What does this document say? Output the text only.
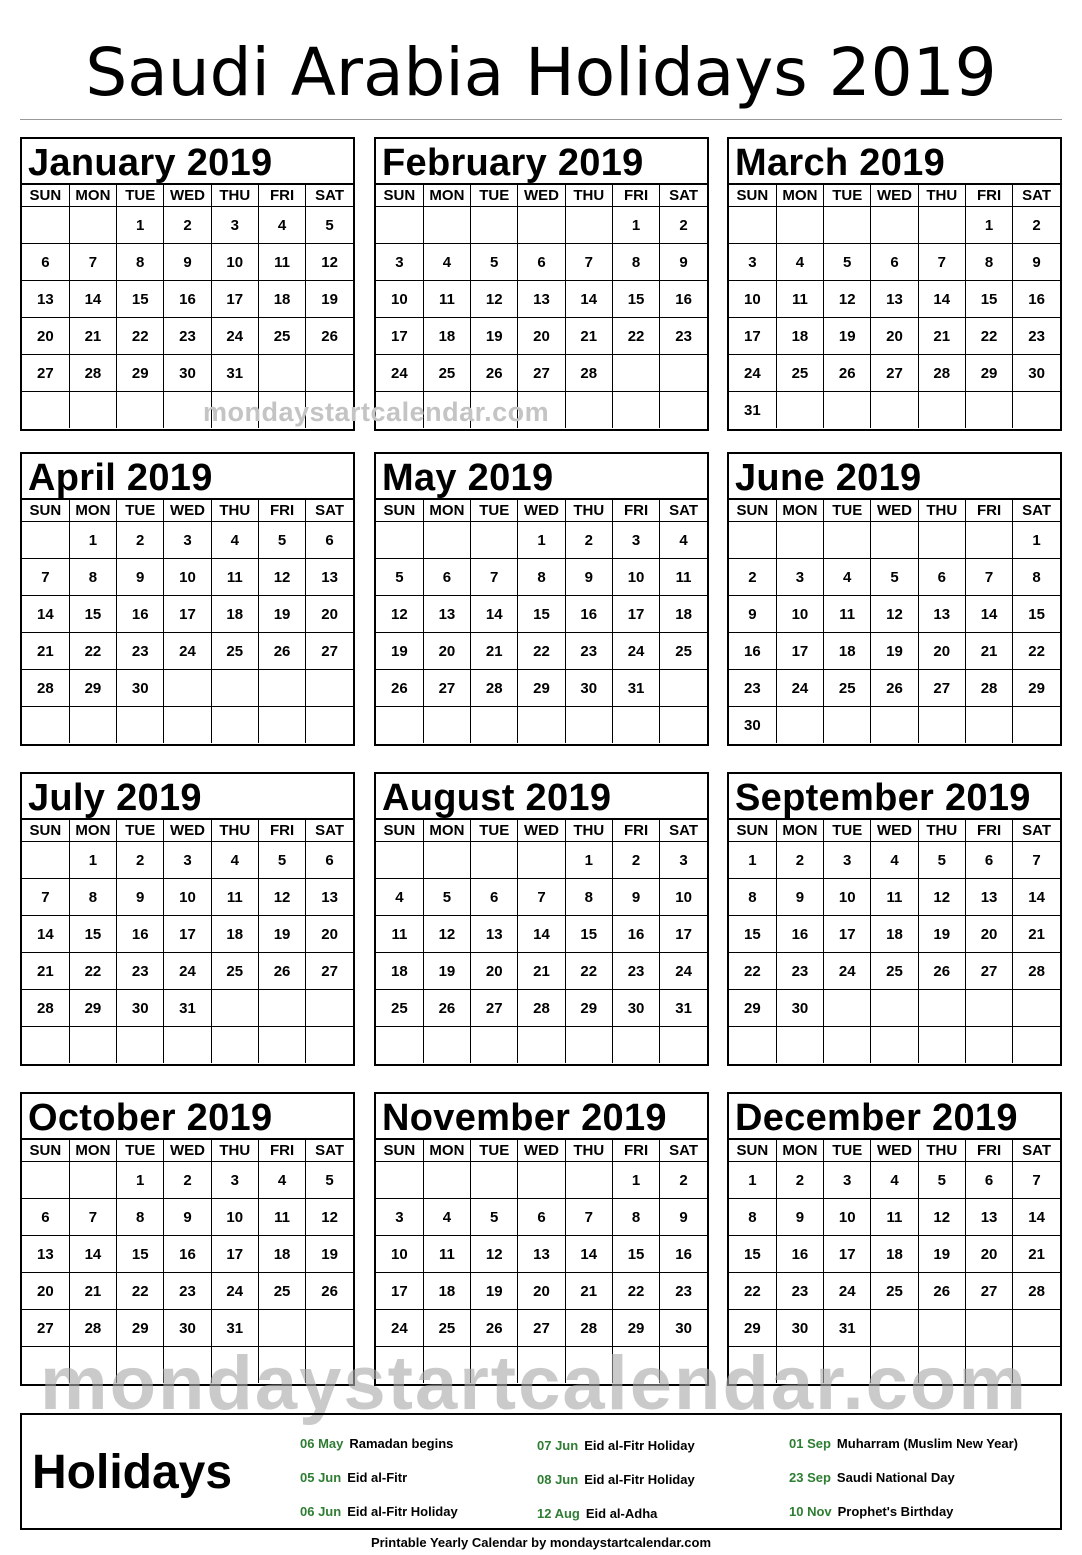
Saudi Arabia Holidays 2019
January 2019
SUN	MON	TUE	WED	THU	FRI	SAT
		1	2	3	4	5
6	7	8	9	10	11	12
13	14	15	16	17	18	19
20	21	22	23	24	25	26
27	28	29	30	31		

February 2019
SUN	MON	TUE	WED	THU	FRI	SAT
					1	2
3	4	5	6	7	8	9
10	11	12	13	14	15	16
17	18	19	20	21	22	23
24	25	26	27	28		

March 2019
SUN	MON	TUE	WED	THU	FRI	SAT
					1	2
3	4	5	6	7	8	9
10	11	12	13	14	15	16
17	18	19	20	21	22	23
24	25	26	27	28	29	30
31						
April 2019
SUN	MON	TUE	WED	THU	FRI	SAT
	1	2	3	4	5	6
7	8	9	10	11	12	13
14	15	16	17	18	19	20
21	22	23	24	25	26	27
28	29	30				

May 2019
SUN	MON	TUE	WED	THU	FRI	SAT
			1	2	3	4
5	6	7	8	9	10	11
12	13	14	15	16	17	18
19	20	21	22	23	24	25
26	27	28	29	30	31	

June 2019
SUN	MON	TUE	WED	THU	FRI	SAT
						1
2	3	4	5	6	7	8
9	10	11	12	13	14	15
16	17	18	19	20	21	22
23	24	25	26	27	28	29
30						
July 2019
SUN	MON	TUE	WED	THU	FRI	SAT
	1	2	3	4	5	6
7	8	9	10	11	12	13
14	15	16	17	18	19	20
21	22	23	24	25	26	27
28	29	30	31			

August 2019
SUN	MON	TUE	WED	THU	FRI	SAT
				1	2	3
4	5	6	7	8	9	10
11	12	13	14	15	16	17
18	19	20	21	22	23	24
25	26	27	28	29	30	31

September 2019
SUN	MON	TUE	WED	THU	FRI	SAT
1	2	3	4	5	6	7
8	9	10	11	12	13	14
15	16	17	18	19	20	21
22	23	24	25	26	27	28
29	30					

October 2019
SUN	MON	TUE	WED	THU	FRI	SAT
		1	2	3	4	5
6	7	8	9	10	11	12
13	14	15	16	17	18	19
20	21	22	23	24	25	26
27	28	29	30	31		

November 2019
SUN	MON	TUE	WED	THU	FRI	SAT
					1	2
3	4	5	6	7	8	9
10	11	12	13	14	15	16
17	18	19	20	21	22	23
24	25	26	27	28	29	30

December 2019
SUN	MON	TUE	WED	THU	FRI	SAT
1	2	3	4	5	6	7
8	9	10	11	12	13	14
15	16	17	18	19	20	21
22	23	24	25	26	27	28
29	30	31				

mondaystartcalendar.com
mondaystartcalendar.com
Holidays
06 May Ramadan begins
05 Jun Eid al-Fitr
06 Jun Eid al-Fitr Holiday
07 Jun Eid al-Fitr Holiday
08 Jun Eid al-Fitr Holiday
12 Aug Eid al-Adha
01 Sep Muharram (Muslim New Year)
23 Sep Saudi National Day
10 Nov Prophet's Birthday
Printable Yearly Calendar by mondaystartcalendar.com
